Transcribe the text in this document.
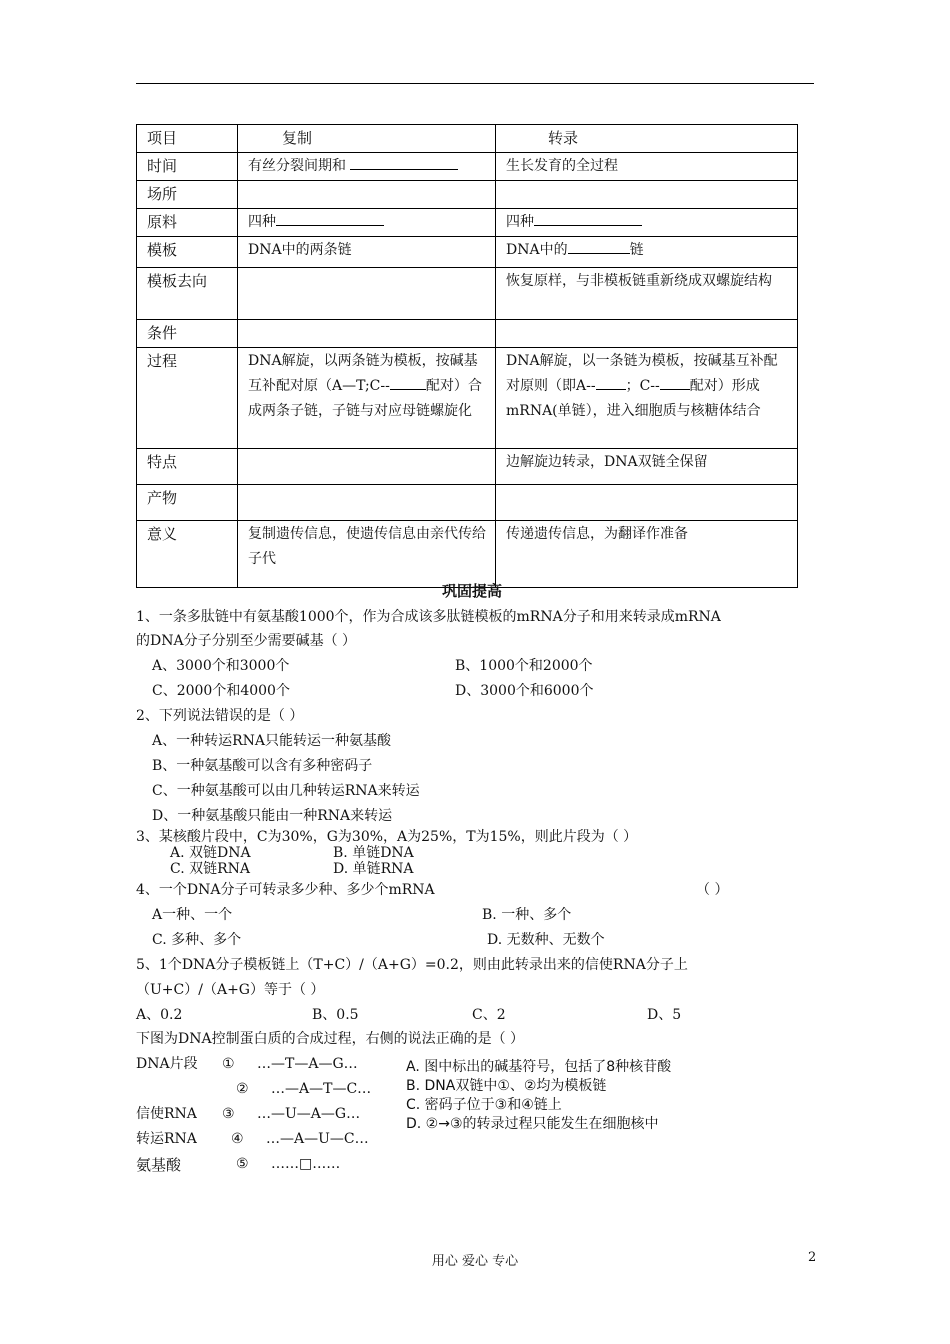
项目	复制	转录
时间	有丝分裂间期和	生长发育的全过程
场所		
原料	四种	四种
模板	DNA中的两条链	DNA中的 链
模板去向		恢复原样，与非模板链重新绕成双螺旋结构
条件		
过程	DNA解旋，以两条链为模板，按碱基互补配对原（A—T;C-- 配对）合成两条子链，子链与对应母链螺旋化	DNA解旋，以一条链为模板，按碱基互补配对原则（即A-- ；C-- 配对）形成mRNA(单链），进入细胞质与核糖体结合
特点		边解旋边转录，DNA双链全保留
产物		
意义	复制遗传信息，使遗传信息由亲代传给子代	传递遗传信息，为翻译作准备
巩固提高
1、一条多肽链中有氨基酸1000个，作为合成该多肽链模板的mRNA分子和用来转录成mRNA
的DNA分子分别至少需要碱基（ ）
A、3000个和3000个	B、1000个和2000个
C、2000个和4000个	D、3000个和6000个
2、下列说法错误的是（ ）
A、一种转运RNA只能转运一种氨基酸
B、一种氨基酸可以含有多种密码子
C、一种氨基酸可以由几种转运RNA来转运
D、一种氨基酸只能由一种RNA来转运
3、某核酸片段中，C为30%，G为30%，A为25%，T为15%，则此片段为（ ）
A. 双链DNA	B. 单链DNA
C. 双链RNA	D. 单链RNA
4、一个DNA分子可转录多少种、多少个mRNA	（ ）
A一种、一个	B. 一种、多个
C. 多种、多个	D. 无数种、无数个
5、1个DNA分子模板链上（T+C）/（A+G）=0.2，则由此转录出来的信使RNA分子上
（U+C）/（A+G）等于（ ）
A、0.2	B、0.5	C、2	D、5
下图为DNA控制蛋白质的合成过程，右侧的说法正确的是（ ）
DNA片段 ① …—T—A—G…
② …—A—T—C…
信使RNA ③ …—U—A—G…
转运RNA ④ …—A—U—C…
氨基酸	⑤ ……□……
A. 图中标出的碱基符号，包括了8种核苷酸
B. DNA双链中①、②均为模板链
C. 密码子位于③和④链上
D. ②→③的转录过程只能发生在细胞核中
用心 爱心 专心	2
